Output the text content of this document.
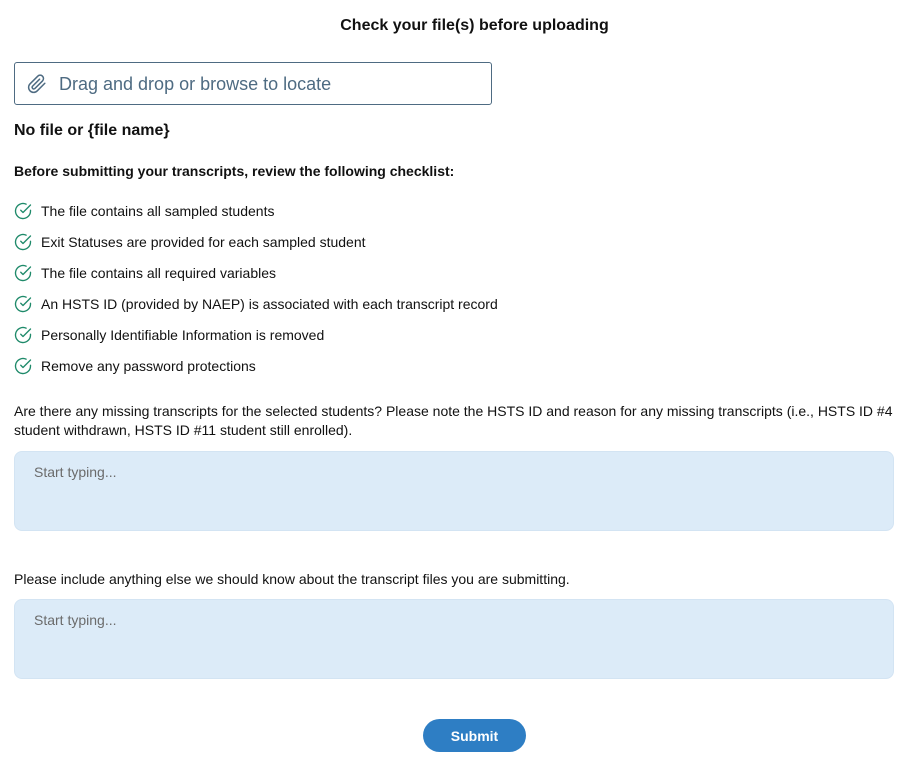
Check your file(s) before uploading
Drag and drop or browse to locate
No file or {file name}
Before submitting your transcripts, review the following checklist:
The file contains all sampled students
Exit Statuses are provided for each sampled student
The file contains all required variables
An HSTS ID (provided by NAEP) is associated with each transcript record
Personally Identifiable Information is removed
Remove any password protections
Are there any missing transcripts for the selected students? Please note the HSTS ID and reason for any missing transcripts (i.e., HSTS ID #4 student withdrawn, HSTS ID #11 student still enrolled).
Start typing...
Please include anything else we should know about the transcript files you are submitting.
Start typing...
Submit
